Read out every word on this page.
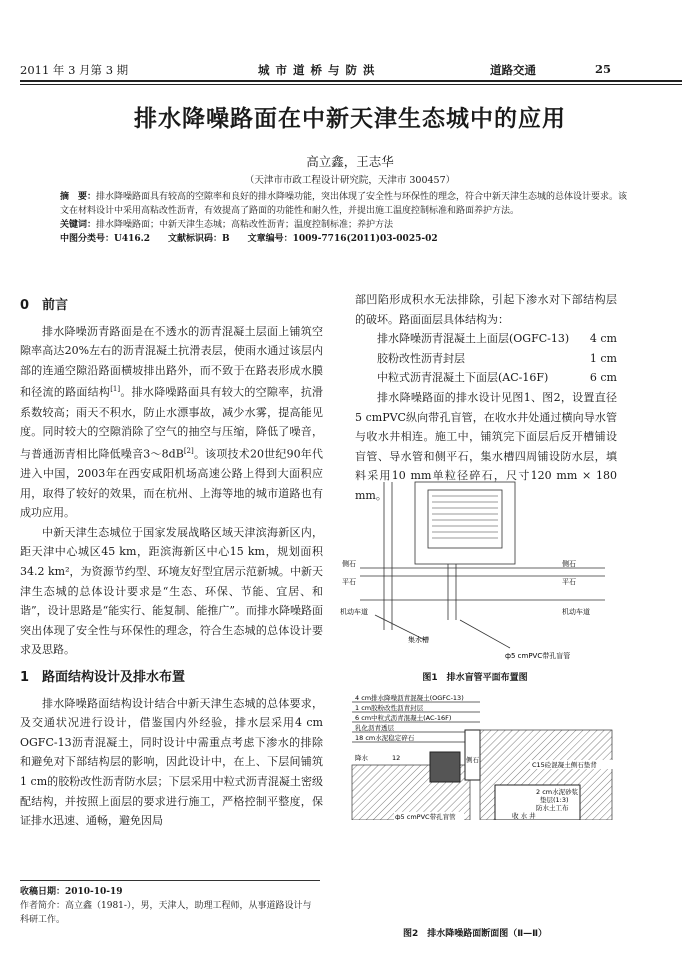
2011 年 3 月第 3 期	城 市 道 桥 与 防 洪	道路交通	25
排水降噪路面在中新天津生态城中的应用
高立鑫，王志华
（天津市市政工程设计研究院，天津市 300457）

摘　要：排水降噪路面具有较高的空隙率和良好的排水降噪功能，突出体现了安全性与环保性的理念，符合中新天津生态城的总体设计要求。该文在材料设计中采用高粘改性沥青，有效提高了路面的功能性和耐久性，并提出施工温度控制标准和路面养护方法。

关键词：排水降噪路面；中新天津生态城；高粘改性沥青；温度控制标准；养护方法

中图分类号：U416.2　　文献标识码：B　　文章编号：1009-7716(2011)03-0025-02

0　前言

排水降噪沥青路面是在不透水的沥青混凝土层面上铺筑空隙率高达20%左右的沥青混凝土抗滑表层，使雨水通过该层内部的连通空隙沿路面横坡排出路外，而不致于在路表形成水膜和径流的路面结构[1]。排水降噪路面具有较大的空隙率，抗滑系数较高；雨天不积水，防止水漂事故，减少水雾，提高能见度。同时较大的空隙消除了空气的抽空与压缩，降低了噪音，与普通沥青相比降低噪音3～8dB[2]。该项技术20世纪90年代进入中国，2003年在西安咸阳机场高速公路上得到大面积应用，取得了较好的效果，而在杭州、上海等地的城市道路也有成功应用。

中新天津生态城位于国家发展战略区域天津滨海新区内，距天津中心城区45 km，距滨海新区中心15 km，规划面积34.2 km²，为资源节约型、环境友好型宜居示范新城。中新天津生态城的总体设计要求是“生态、环保、节能、宜居、和谐”，设计思路是“能实行、能复制、能推广”。而排水降噪路面突出体现了安全性与环保性的理念，符合生态城的总体设计要求及思路。

1　路面结构设计及排水布置

排水降噪路面结构设计结合中新天津生态城的总体要求，及交通状况进行设计，借鉴国内外经验，排水层采用4 cm OGFC-13沥青混凝土，同时设计中需重点考虑下渗水的排除和避免对下部结构层的影响，因此设计中，在上、下层间铺筑1 cm的胶粉改性沥青防水层；下层采用中粒式沥青混凝土密级配结构，并按照上面层的要求进行施工，严格控制平整度，保证排水迅速、通畅，避免因局

部凹陷形成积水无法排除，引起下渗水对下部结构层的破坏。路面面层具体结构为：

排水降噪沥青混凝土上面层(OGFC-13) 4 cm
胶粉改性沥青封层	1 cm
中粒式沥青混凝土下面层(AC-16F)	6 cm

排水降噪路面的排水设计见图1、图2，设置直径5 cmPVC纵向带孔盲管，在收水井处通过横向导水管与收水井相连。施工中，铺筑完下面层后反开槽铺设盲管、导水管和侧平石，集水槽四周铺设防水层，填料采用10 mm单粒径碎石，尺寸120 mm × 180 mm。

侧石
平石
机动车道
侧石
平石
机动车道
集水槽
ф5 cmPVC带孔盲管
图1　排水盲管平面布置图
4 cm排水降噪沥青混凝土(OGFC-13)
1 cm胶粉改性沥青封层
6 cm中粒式沥青混凝土(AC-16F)
乳化沥青透层
18 cm水泥稳定碎石
降水	12	侧石
C15砼混凝土侧石垫背
2 cm水泥砂浆
垫层(1:3)
防水土工布
收 水 井
ф5 cmPVC带孔盲管
图2　排水降噪路面断面图（Ⅱ—Ⅱ）
收稿日期：2010-10-19
作者简介：高立鑫（1981-），男，天津人，助理工程师，从事道路设计与科研工作。
